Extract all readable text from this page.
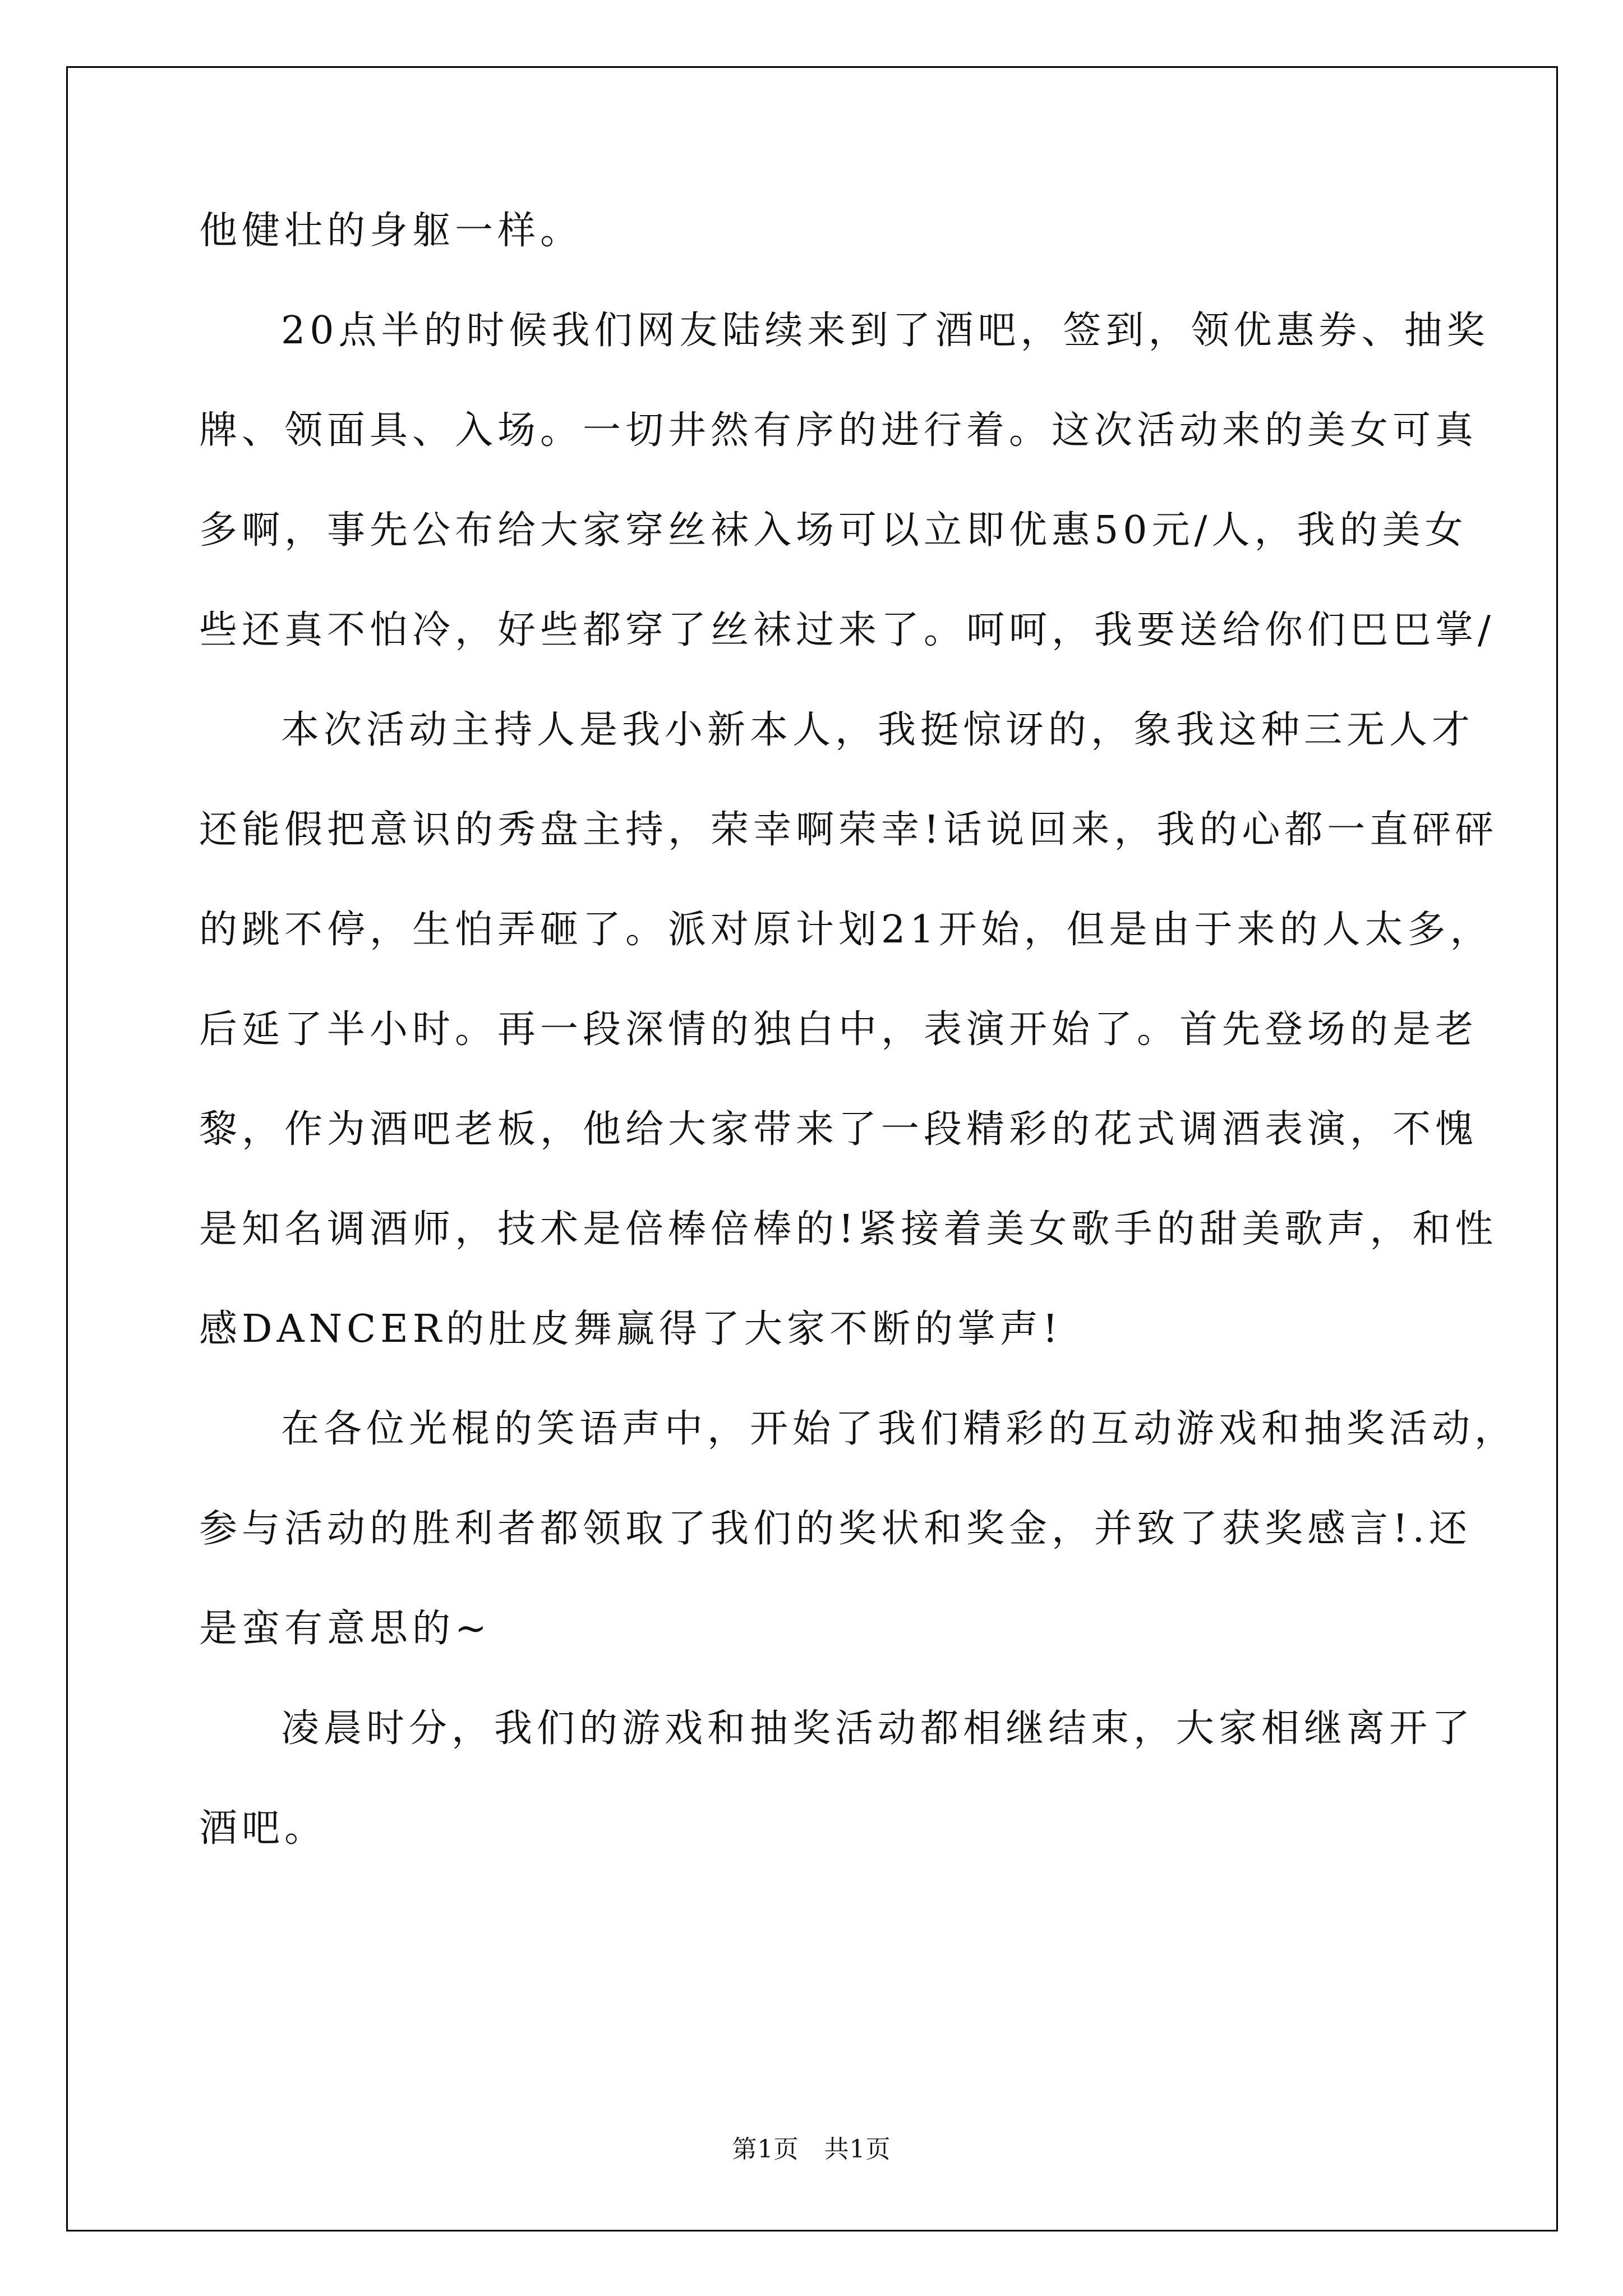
他健壮的身躯一样。
20点半的时候我们网友陆续来到了酒吧，签到，领优惠券、抽奖
牌、领面具、入场。一切井然有序的进行着。这次活动来的美女可真
多啊，事先公布给大家穿丝袜入场可以立即优惠50元/人，我的美女
些还真不怕冷，好些都穿了丝袜过来了。呵呵，我要送给你们巴巴掌/
本次活动主持人是我小新本人，我挺惊讶的，象我这种三无人才
还能假把意识的秀盘主持，荣幸啊荣幸!话说回来，我的心都一直砰砰
的跳不停，生怕弄砸了。派对原计划21开始，但是由于来的人太多，
后延了半小时。再一段深情的独白中，表演开始了。首先登场的是老
黎，作为酒吧老板，他给大家带来了一段精彩的花式调酒表演，不愧
是知名调酒师，技术是倍棒倍棒的!紧接着美女歌手的甜美歌声，和性
感DANCER的肚皮舞赢得了大家不断的掌声!
在各位光棍的笑语声中，开始了我们精彩的互动游戏和抽奖活动，
参与活动的胜利者都领取了我们的奖状和奖金，并致了获奖感言!.还
是蛮有意思的~
凌晨时分，我们的游戏和抽奖活动都相继结束，大家相继离开了
酒吧。
第1页　共1页
